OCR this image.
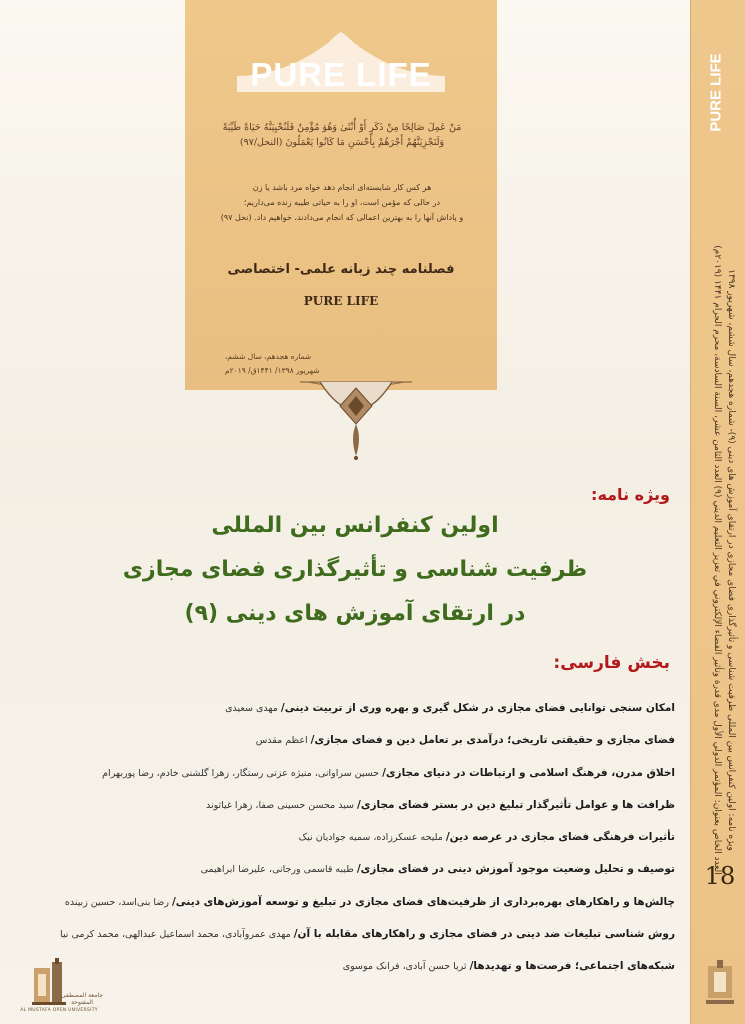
PURE LIFE
مَنْ عَمِلَ صَالِحًا مِنْ ذَكَرٍ أَوْ أُنْثَىٰ وَهُوَ مُؤْمِنٌ فَلَنُحْيِيَنَّهُ حَيَاةً طَيِّبَةً
وَلَنَجْزِيَنَّهُمْ أَجْرَهُمْ بِأَحْسَنِ مَا كَانُوا يَعْمَلُونَ (النحل/۹۷)
هر کس کار شایسته‌ای انجام دهد خواه مرد باشد یا زن
در حالی که مؤمن است، او را به حیاتی طیبه زنده می‌داریم؛
و پاداش آنها را به بهترین اعمالی که انجام می‌دادند، خواهیم داد. (نحل ۹۷)
فصلنامه چند زبانه علمی- اختصاصی
PURE LIFE
شماره هجدهم، سال ششم،
شهریور ۱۳۹۸/ ۱۴۴۱ق/ ۲۰۱۹م
PURE LIFE
ویژه نامه: اولین کنفرانس بین المللی ظرفیت شناسی و تأثیرگذاری فضای مجازی در ارتقای آموزش های دینی (۹)- شماره هجدهم، سال ششم، شهریور ۱۳۹۸
العدد الخاص بعنوان: المؤتمر الدولي الأول مدى قدرة وتأثير الفضاء الإلكتروني في تعزيز التعليم الديني (۹) العدد الثامن عشر، السنة السادسة، محرم الحرام ۱۴۴۱ (۲۰۱۹م)
18
ویژه نامه:
اولین کنفرانس بین المللی
ظرفیت شناسی و تأثیرگذاری فضای مجازی
در ارتقای آموزش های دینی (۹)
بخش فارسی:
امکان سنجی توانایی فضای مجازی در شکل گیری و بهره وری از تربیت دینی/ مهدی سعیدی
فضای مجازی و حقیقتی تاریخی؛ درآمدی بر تعامل دین و فضای مجازی/ اعظم مقدس
اخلاق مدرن، فرهنگ اسلامی و ارتباطات در دنیای مجازی/ حسین سراوانی، منیژه عزتی رستگار، زهرا گلشنی خادم، رضا پوربهرام
ظرافت ها و عوامل تأثیرگذار تبلیغ دین در بستر فضای مجازی/ سید محسن حسینی صفا، زهرا غیاثوند
تأثیرات فرهنگی فضای مجازی در عرصه دین/ ملیحه عسکرزاده، سمیه جوادیان نیک
توصیف و تحلیل وضعیت موجود آموزش دینی در فضای مجازی/ طیبه قاسمی ورجانی، علیرضا ابراهیمی
چالش‌ها و راهکارهای بهره‌برداری از ظرفیت‌های فضای مجازی در تبلیغ و توسعه آموزش‌های دینی/ رضا بنی‌اسد، حسین زبینده
روش شناسی تبلیغات ضد دینی در فضای مجازی و راهکارهای مقابله با آن/ مهدی عمروآبادی، محمد اسماعیل عبدالهی، محمد کرمی نیا
شبکه‌های اجتماعی؛ فرصت‌ها و تهدیدها/ ثریا حسن آبادی، فرانک موسوی
جامعة المصطفى المفتوحة
AL MUSTAFA OPEN UNIVERSITY
